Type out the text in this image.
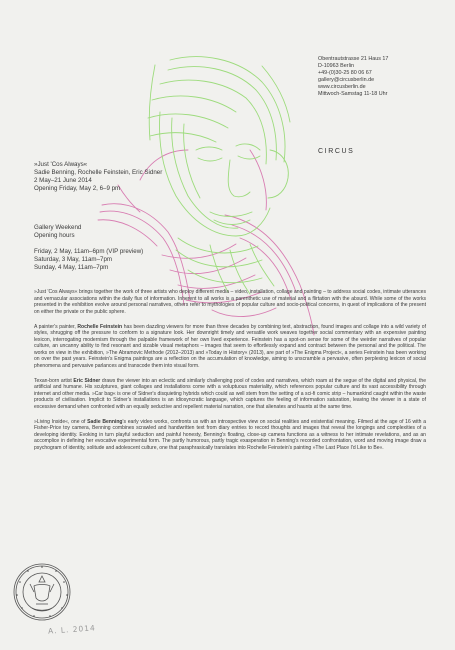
Obentrautstrasse 21 Haus 17
D-10963 Berlin
+49-(0)30-25 80 06 67
gallery@circusberlin.de
www.circusberlin.de
Mittwoch-Samstag 11-18 Uhr
CIRCUS
»Just 'Cos Always«
Sadie Benning, Rochelle Feinstein, Eric Sidner
2 May–21 June 2014
Opening Friday, May 2, 6–9 pm
Gallery Weekend
Opening hours
Friday, 2 May, 11am–6pm (VIP preview)
Saturday, 3 May, 11am–7pm
Sunday, 4 May, 11am–7pm

»Just 'Cos Always« brings together the work of three artists who deploy different media – video, installation, collage and painting – to address social codes, intimate utterances and vernacular associations within the daily flux of information. Inherent to all works is a parenthetic use of material and a flirtation with the absurd. While some of the works presented in the exhibition evolve around personal narratives, others refer to mythologies of popular culture and socio-political concerns, in quest of implications of the present on either the private or the public sphere.

A painter's painter, Rochelle Feinstein has been dazzling viewers for more than three decades by combining text, abstraction, found images and collage into a wild variety of styles, shrugging off the pressure to conform to a signature look. Her downright timely and versatile work weaves together social commentary with an expensive painting lexicon, interrogating modernism through the palpable framework of her own lived experience. Feinstein has a spot-on sense for some of the weirder narratives of popular culture, an uncanny ability to find resonant and sizable visual metaphors – images that seem to effortlessly expand and contract between the personal and the political. The works on view in the exhibition, »The Abramovic Methode (2012–2013) and »Today in History« (2013), are part of »The Enigma Project«, a series Feinstein has been working on over the past years. Feinstein's Enigma paintings are a reflection on the accumulation of knowledge, aiming to unscramble a pervasive, often perplexing lexicon of social phenomena and pervasive parlances and transcode them into visual form.

Texan-born artist Eric Sidner draws the viewer into an eclectic and similarly challenging pool of codes and narratives, which roam at the segue of the digital and physical, the artificial and humane. His sculptures, giant collages and installations come with a voluptuous materiality, which references popular culture and its vast accessibility through internet and other media. »Car bag« is one of Sidner's disquieting hybrids which could as well stem from the setting of a sci-fi comic strip – humankind caught within the waste products of civilisation. Implicit to Sidner's installations is an idiosyncratic language, which captures the feeling of information saturation, leaving the viewer in a state of excessive demand when confronted with an equally seductive and repellent material narration, one that alienates and haunts at the same time.

»Living Inside«, one of Sadie Benning's early video works, confronts us with an introspective view on social realities and existential meaning. Filmed at the age of 16 with a Fisher-Price toy camera, Benning combines scrawled and handwritten text from diary entries to record thoughts and images that reveal the longings and complexities of a developing identity. Evoking in turn playful seduction and painful honesty, Benning's floating, close-up camera functions as a witness to her intimate revelations, and as an accomplice in defining her evocative experimental form. The partly humorous, partly tragic exasperation in Benning's recorded confrontation, word and moving image draw a psychogram of identity, solitude and adolescent culture, one that paraphrasically translates into Rochelle Feinstein's painting »The Last Place I'd Like to Be«.

A. L. 2014
